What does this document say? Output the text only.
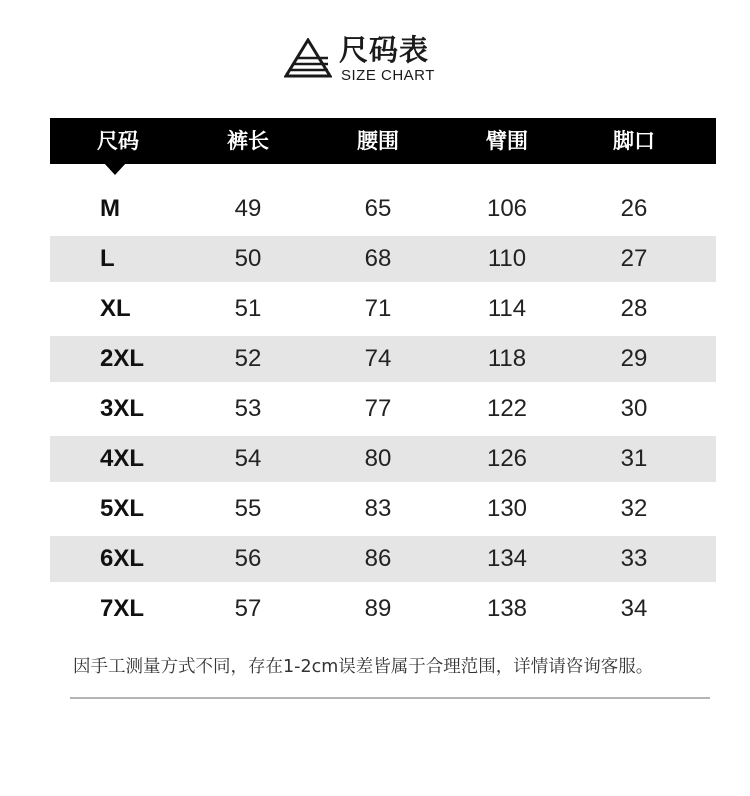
尺码表
SIZE CHART
尺码	裤长	腰围	臂围	脚口
M	49	65	106	26
L	50	68	110	27
XL	51	71	114	28
2XL	52	74	118	29
3XL	53	77	122	30
4XL	54	80	126	31
5XL	55	83	130	32
6XL	56	86	134	33
7XL	57	89	138	34
因手工测量方式不同，存在1-2cm误差皆属于合理范围，详情请咨询客服。
